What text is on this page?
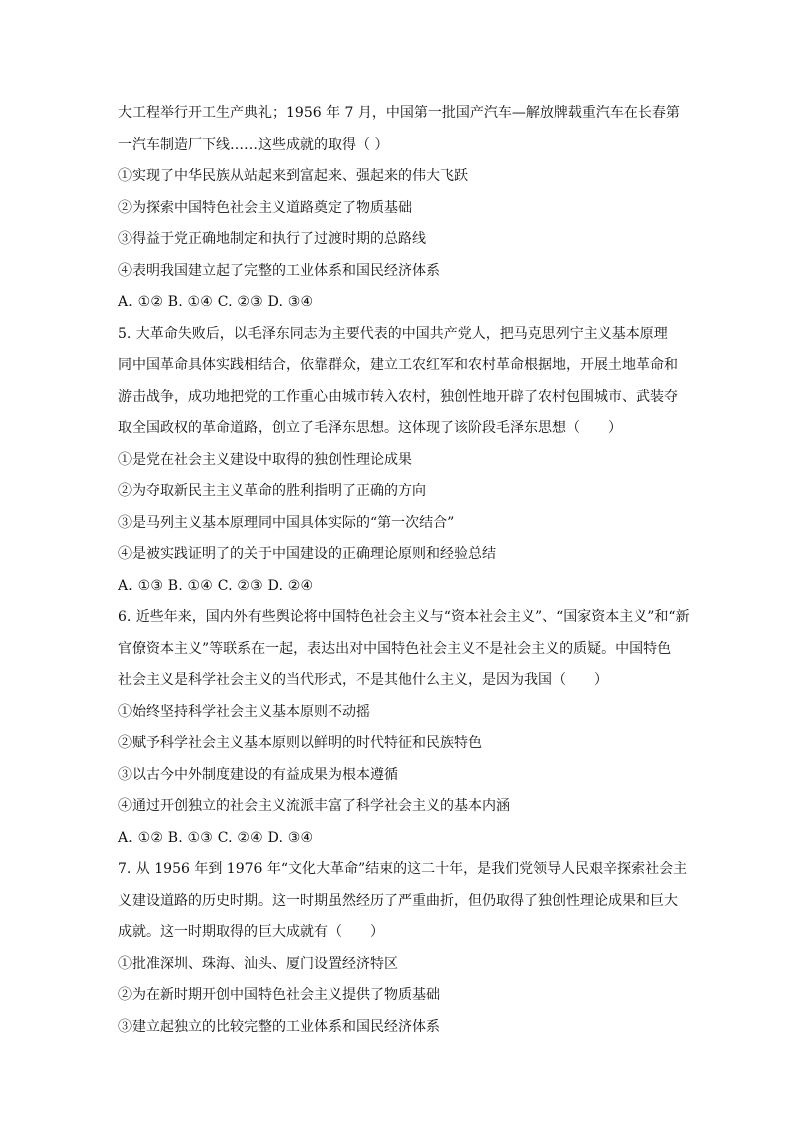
大工程举行开工生产典礼；1956 年 7 月，中国第一批国产汽车—解放牌载重汽车在长春第
一汽车制造厂下线……这些成就的取得（ ）
①实现了中华民族从站起来到富起来、强起来的伟大飞跃
②为探索中国特色社会主义道路奠定了物质基础
③得益于党正确地制定和执行了过渡时期的总路线
④表明我国建立起了完整的工业体系和国民经济体系
A. ①② B. ①④ C. ②③ D. ③④
5. 大革命失败后，以毛泽东同志为主要代表的中国共产党人，把马克思列宁主义基本原理
同中国革命具体实践相结合，依靠群众，建立工农红军和农村革命根据地，开展土地革命和
游击战争，成功地把党的工作重心由城市转入农村，独创性地开辟了农村包围城市、武装夺
取全国政权的革命道路，创立了毛泽东思想。这体现了该阶段毛泽东思想（　　）
①是党在社会主义建设中取得的独创性理论成果
②为夺取新民主主义革命的胜利指明了正确的方向
③是马列主义基本原理同中国具体实际的“第一次结合”
④是被实践证明了的关于中国建设的正确理论原则和经验总结
A. ①③ B. ①④ C. ②③ D. ②④
6. 近些年来，国内外有些舆论将中国特色社会主义与“资本社会主义”、“国家资本主义”和“新
官僚资本主义”等联系在一起，表达出对中国特色社会主义不是社会主义的质疑。中国特色
社会主义是科学社会主义的当代形式，不是其他什么主义，是因为我国（　　）
①始终坚持科学社会主义基本原则不动摇
②赋予科学社会主义基本原则以鲜明的时代特征和民族特色
③以古今中外制度建设的有益成果为根本遵循
④通过开创独立的社会主义流派丰富了科学社会主义的基本内涵
A. ①② B. ①③ C. ②④ D. ③④
7. 从 1956 年到 1976 年“文化大革命”结束的这二十年，是我们党领导人民艰辛探索社会主
义建设道路的历史时期。这一时期虽然经历了严重曲折，但仍取得了独创性理论成果和巨大
成就。这一时期取得的巨大成就有（　　）
①批准深圳、珠海、汕头、厦门设置经济特区
②为在新时期开创中国特色社会主义提供了物质基础
③建立起独立的比较完整的工业体系和国民经济体系
